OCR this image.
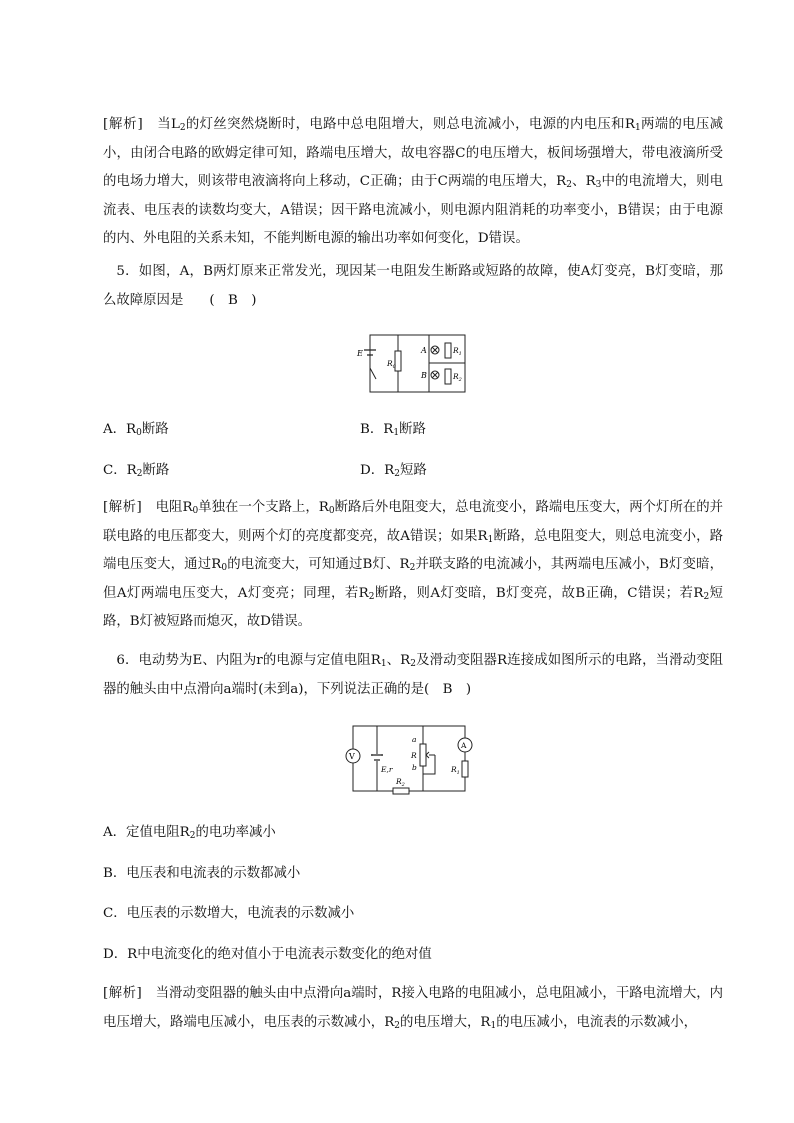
[解析]　 当$L_2$的灯丝突然烧断时，电路中总电阻增大，则总电流减小，电源的内电压和$R_1$两端的电压减小，由闭合电路的欧姆定律可知，路端电压增大，故电容器C的电压增大，板间场强增大，带电液滴所受的电场力增大，则该带电液滴将向上移动，C正确；由于C两端的电压增大，$R_2$、$R_3$中的电流增大，则电流表、电压表的读数均变大，A错误；因干路电流减小，则电源内阻消耗的功率变小，B错误；由于电源的内、外电阻的关系未知，不能判断电源的输出功率如何变化，D错误。

5．如图，A，B两灯原来正常发光，现因某一电阻发生断路或短路的故障，使A灯变亮，B灯变暗，那么故障原因是 (　B　)

E
$R_0$
A
B
$R_1$
$R_2$

A．$R_0$断路	B．$R_1$断路

C．$R_2$断路	D．$R_2$短路

[解析]　 电阻$R_0$单独在一个支路上，$R_0$断路后外电阻变大，总电流变小，路端电压变大，两个灯所在的并联电路的电压都变大，则两个灯的亮度都变亮，故A错误；如果$R_1$断路，总电阻变大，则总电流变小，路端电压变大，通过$R_0$的电流变大，可知通过B灯、$R_2$并联支路的电流减小，其两端电压减小，B灯变暗，但A灯两端电压变大，A灯变亮；同理，若$R_2$断路，则A灯变暗，B灯变亮，故B正确，C错误；若$R_2$短路，B灯被短路而熄灭，故D错误。

6．电动势为E、内阻为r的电源与定值电阻$R_1$、$R_2$及滑动变阻器R连接成如图所示的电路，当滑动变阻器的触头由中点滑向a端时(未到a)，下列说法正确的是(　B　)

V
A
E,r
a
R
b	$R_1$
$R_2$

A．定值电阻$R_2$的电功率减小

B．电压表和电流表的示数都减小

C．电压表的示数增大，电流表的示数减小

D．R中电流变化的绝对值小于电流表示数变化的绝对值

[解析]　 当滑动变阻器的触头由中点滑向a端时，R接入电路的电阻减小，总电阻减小，干路电流增大，内电压增大，路端电压减小，电压表的示数减小，$R_2$的电压增大，$R_1$的电压减小，电流表的示数减小，
